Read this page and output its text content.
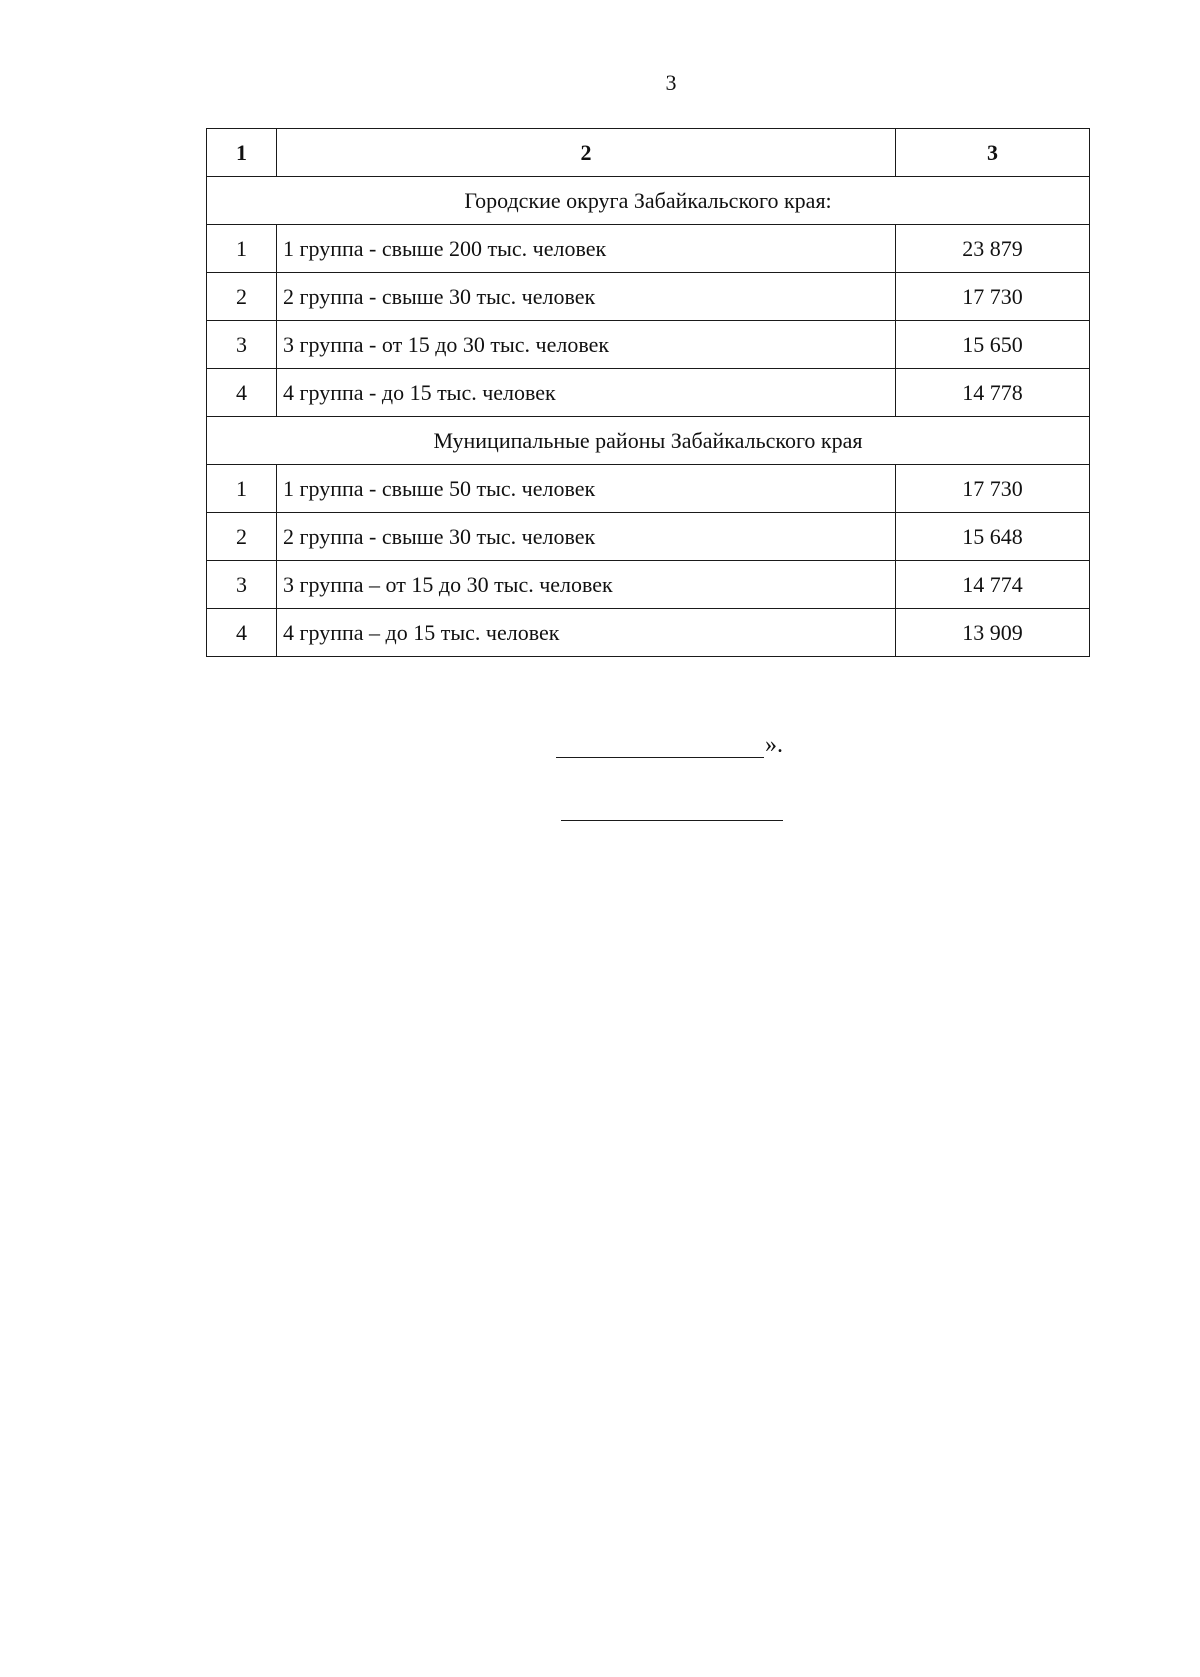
3
1	2	3
Городские округа Забайкальского края:		
1	1 группа - свыше 200 тыс. человек	23 879
2	2 группа - свыше 30 тыс. человек	17 730
3	3 группа - от 15 до 30 тыс. человек	15 650
4	4 группа - до 15 тыс. человек	14 778
Муниципальные районы Забайкальского края		
1	1 группа - свыше 50 тыс. человек	17 730
2	2 группа - свыше 30 тыс. человек	15 648
3	3 группа – от 15 до 30 тыс. человек	14 774
4	4 группа – до 15 тыс. человек	13 909
».
